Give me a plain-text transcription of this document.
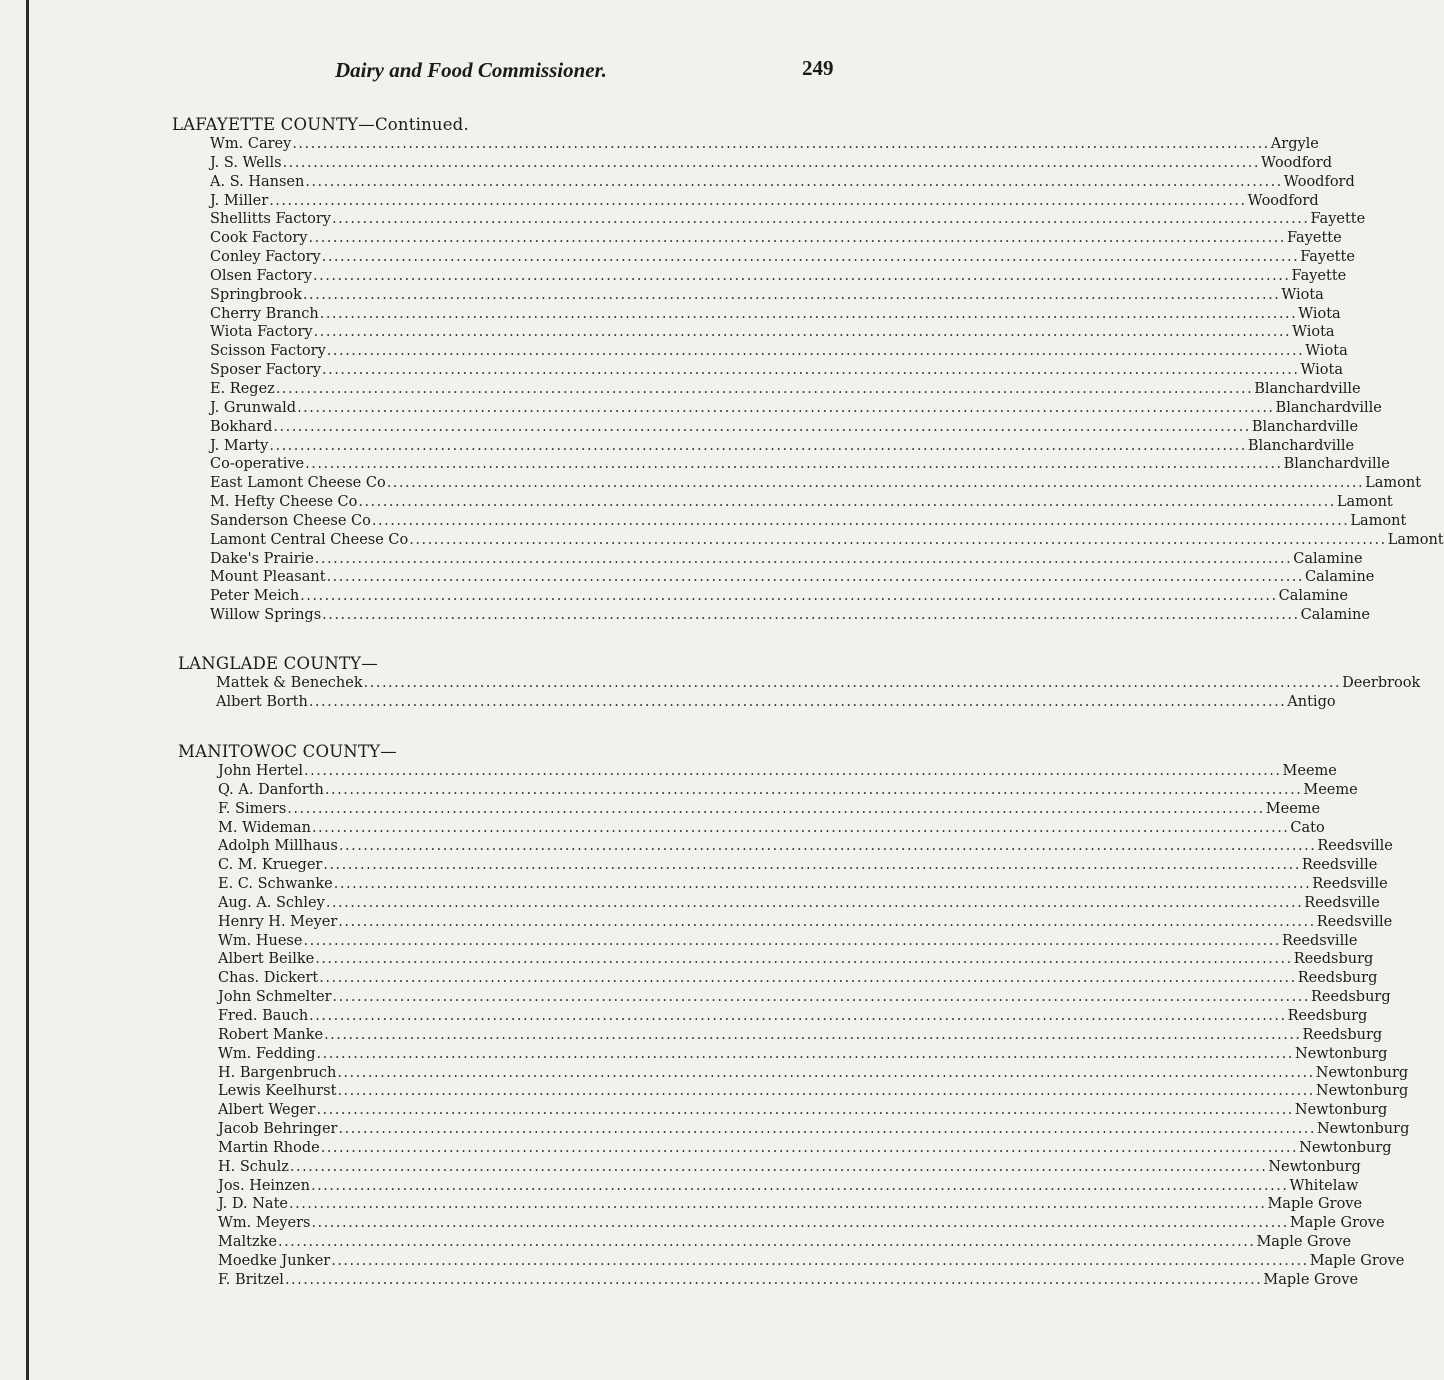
Dairy and Food Commissioner.	249
LAFAYETTE COUNTY—Continued.
Wm. Carey ................................................................................................................................................................ Argyle
J. S. Wells ................................................................................................................................................................ Woodford
A. S. Hansen ................................................................................................................................................................ Woodford
J. Miller ................................................................................................................................................................ Woodford
Shellitts Factory ................................................................................................................................................................ Fayette
Cook Factory ................................................................................................................................................................ Fayette
Conley Factory ................................................................................................................................................................ Fayette
Olsen Factory ................................................................................................................................................................ Fayette
Springbrook ................................................................................................................................................................ Wiota
Cherry Branch ................................................................................................................................................................ Wiota
Wiota Factory ................................................................................................................................................................ Wiota
Scisson Factory ................................................................................................................................................................ Wiota
Sposer Factory ................................................................................................................................................................ Wiota
E. Regez ................................................................................................................................................................ Blanchardville
J. Grunwald ................................................................................................................................................................ Blanchardville
Bokhard ................................................................................................................................................................ Blanchardville
J. Marty ................................................................................................................................................................ Blanchardville
Co-operative ................................................................................................................................................................ Blanchardville
East Lamont Cheese Co ................................................................................................................................................................ Lamont
M. Hefty Cheese Co ................................................................................................................................................................ Lamont
Sanderson Cheese Co ................................................................................................................................................................ Lamont
Lamont Central Cheese Co ................................................................................................................................................................ Lamont
Dake's Prairie ................................................................................................................................................................ Calamine
Mount Pleasant ................................................................................................................................................................ Calamine
Peter Meich ................................................................................................................................................................ Calamine
Willow Springs ................................................................................................................................................................ Calamine
LANGLADE COUNTY—
Mattek & Benechek ................................................................................................................................................................ Deerbrook
Albert Borth ................................................................................................................................................................ Antigo
MANITOWOC COUNTY—
John Hertel ................................................................................................................................................................ Meeme
Q. A. Danforth ................................................................................................................................................................ Meeme
F. Simers ................................................................................................................................................................ Meeme
M. Wideman ................................................................................................................................................................ Cato
Adolph Millhaus ................................................................................................................................................................ Reedsville
C. M. Krueger ................................................................................................................................................................ Reedsville
E. C. Schwanke ................................................................................................................................................................ Reedsville
Aug. A. Schley ................................................................................................................................................................ Reedsville
Henry H. Meyer ................................................................................................................................................................ Reedsville
Wm. Huese ................................................................................................................................................................ Reedsville
Albert Beilke ................................................................................................................................................................ Reedsburg
Chas. Dickert ................................................................................................................................................................ Reedsburg
John Schmelter ................................................................................................................................................................ Reedsburg
Fred. Bauch ................................................................................................................................................................ Reedsburg
Robert Manke ................................................................................................................................................................ Reedsburg
Wm. Fedding ................................................................................................................................................................ Newtonburg
H. Bargenbruch ................................................................................................................................................................ Newtonburg
Lewis Keelhurst ................................................................................................................................................................ Newtonburg
Albert Weger ................................................................................................................................................................ Newtonburg
Jacob Behringer ................................................................................................................................................................ Newtonburg
Martin Rhode ................................................................................................................................................................ Newtonburg
H. Schulz ................................................................................................................................................................ Newtonburg
Jos. Heinzen ................................................................................................................................................................ Whitelaw
J. D. Nate ................................................................................................................................................................ Maple Grove
Wm. Meyers ................................................................................................................................................................ Maple Grove
Maltzke ................................................................................................................................................................ Maple Grove
Moedke Junker ................................................................................................................................................................ Maple Grove
F. Britzel ................................................................................................................................................................ Maple Grove
